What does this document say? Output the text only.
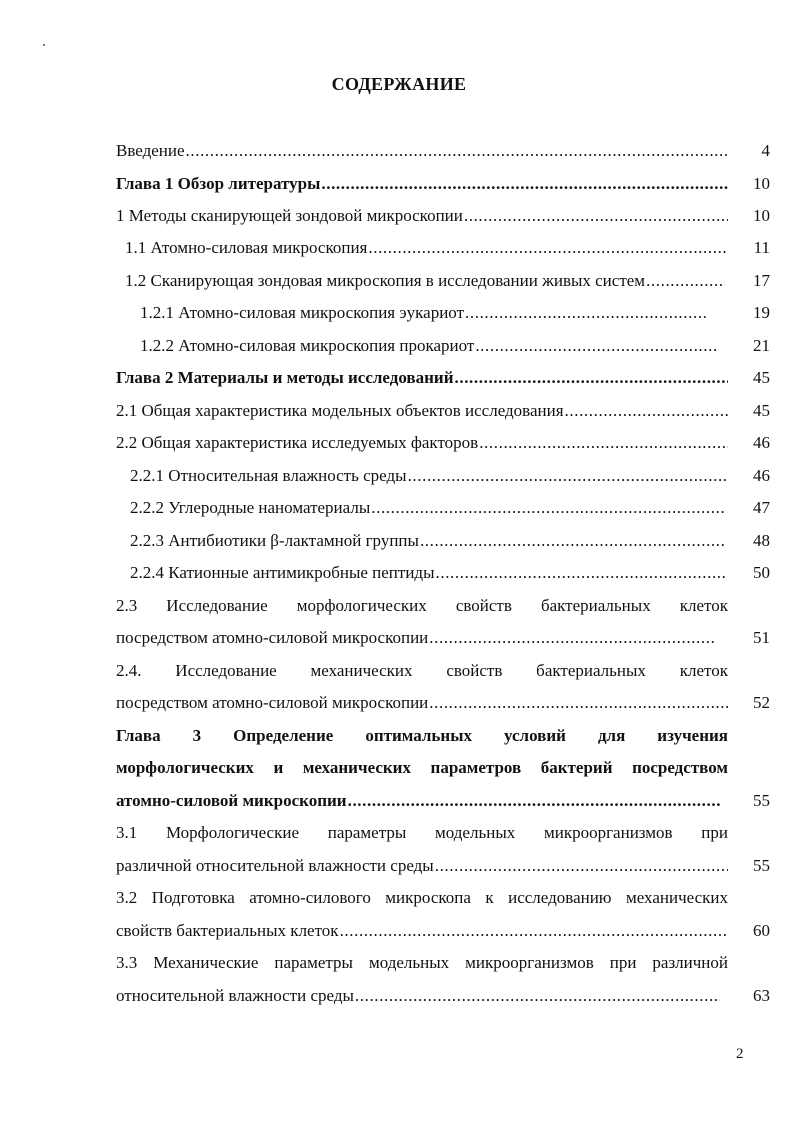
СОДЕРЖАНИЕ
Введение .....	4
Глава 1 Обзор литературы .....	10
1 Методы сканирующей зондовой микроскопии .....	10
1.1 Атомно-силовая микроскопия .....	11
1.2 Сканирующая зондовая микроскопия в исследовании живых систем .....	17
1.2.1 Атомно-силовая микроскопия эукариот .....	19
1.2.2 Атомно-силовая микроскопия прокариот .....	21
Глава 2 Материалы и методы исследований .....	45
2.1 Общая характеристика модельных объектов исследования .....	45
2.2 Общая характеристика исследуемых факторов .....	46
2.2.1 Относительная влажность среды .....	46
2.2.2 Углеродные наноматериалы .....	47
2.2.3 Антибиотики β-лактамной группы .....	48
2.2.4 Катионные антимикробные пептиды .....	50
2.3 Исследование морфологических свойств бактериальных клеток
посредством атомно-силовой микроскопии .....	51
2.4. Исследование механических свойств бактериальных клеток
посредством атомно-силовой микроскопии .....	52
Глава 3 Определение оптимальных условий для изучения
морфологических и механических параметров бактерий посредством
атомно-силовой микроскопии .....	55
3.1 Морфологические параметры модельных микроорганизмов при
различной относительной влажности среды .....	55
3.2 Подготовка атомно-силового микроскопа к исследованию механических
свойств бактериальных клеток .....	60
3.3 Механические параметры модельных микроорганизмов при различной
относительной влажности среды .....	63
2
